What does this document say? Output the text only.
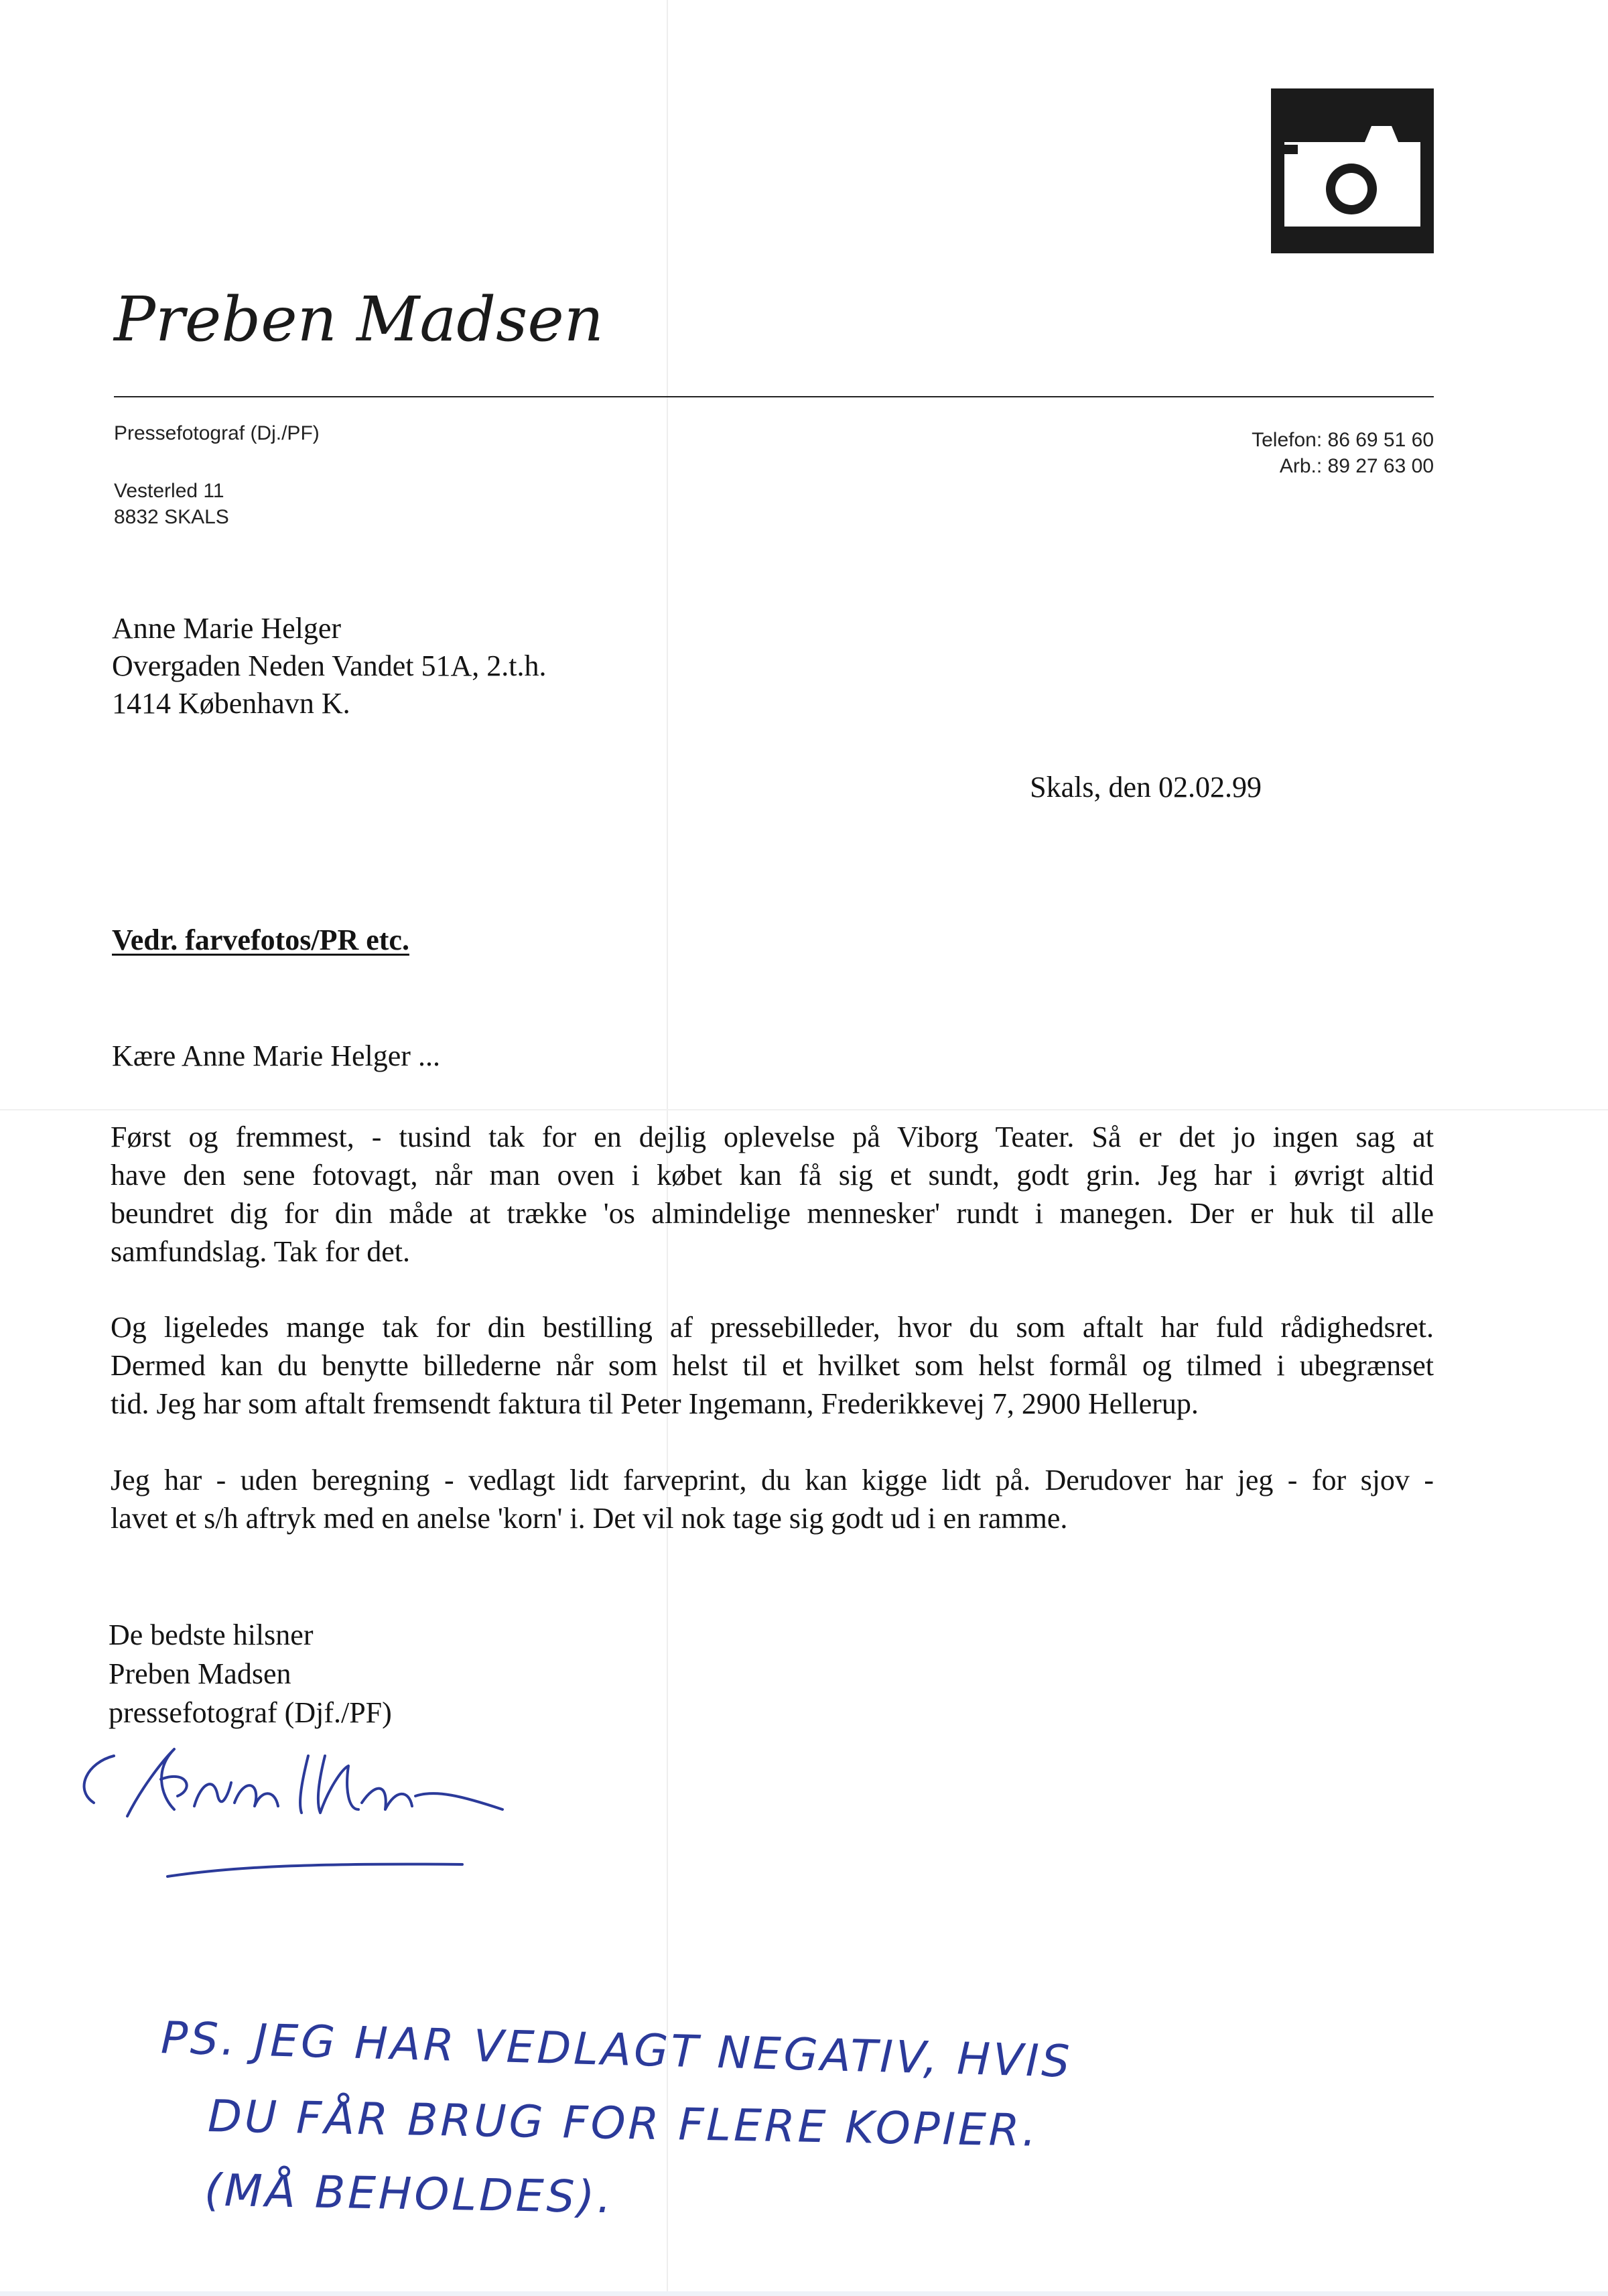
Preben Madsen
Pressefotograf (Dj./PF)
Vesterled 11
8832 SKALS
Telefon: 86 69 51 60
Arb.: 89 27 63 00
Anne Marie Helger
Overgaden Neden Vandet 51A, 2.t.h.
1414 København K.
Skals, den 02.02.99
Vedr. farvefotos/PR etc.
Kære Anne Marie Helger ...
Først og fremmest, - tusind tak for en dejlig oplevelse på Viborg Teater. Så er det jo ingen sag at
have den sene fotovagt, når man oven i købet kan få sig et sundt, godt grin. Jeg har i øvrigt altid
beundret dig for din måde at trække 'os almindelige mennesker' rundt i manegen. Der er huk til alle
samfundslag. Tak for det.
Og ligeledes mange tak for din bestilling af pressebilleder, hvor du som aftalt har fuld rådighedsret.
Dermed kan du benytte billederne når som helst til et hvilket som helst formål og tilmed i ubegrænset
tid. Jeg har som aftalt fremsendt faktura til Peter Ingemann, Frederikkevej 7, 2900 Hellerup.
Jeg har - uden beregning - vedlagt lidt farveprint, du kan kigge lidt på. Derudover har jeg - for sjov -
lavet et s/h aftryk med en anelse 'korn' i. Det vil nok tage sig godt ud i en ramme.
De bedste hilsner
Preben Madsen
pressefotograf (Djf./PF)
PS. JEG HAR VEDLAGT NEGATIV, HVIS
DU FÅR BRUG FOR FLERE KOPIER.
(MÅ BEHOLDES).
